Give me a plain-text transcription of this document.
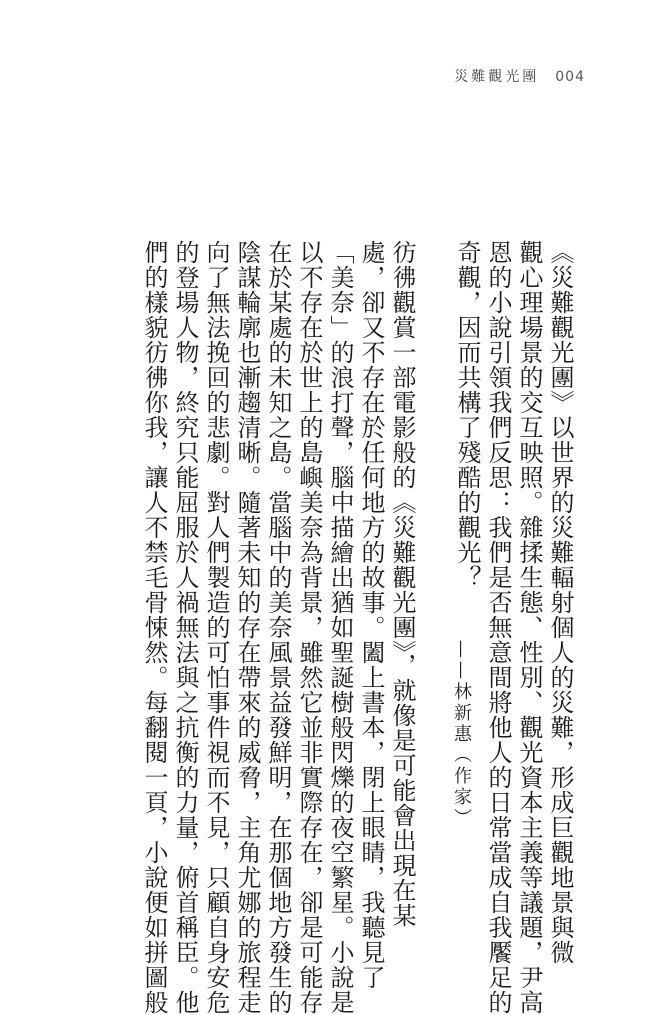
災難觀光團 004
《災難觀光團》以世界的災難輻射個人的災難，形成巨觀地景與微
觀心理場景的交互映照。雜揉生態、性別、觀光資本主義等議題，尹高
恩的小說引領我們反思：我們是否無意間將他人的日常當成自我饜足的
奇觀，因而共構了殘酷的觀光？
——林新惠（作家）
彷彿觀賞一部電影般的《災難觀光團》，就像是可能會出現在某
處，卻又不存在於任何地方的故事。闔上書本，閉上眼睛，我聽見了
「美奈」的浪打聲，腦中描繪出猶如聖誕樹般閃爍的夜空繁星。小說是
以不存在於世上的島嶼美奈為背景，雖然它並非實際存在，卻是可能存
在於某處的未知之島。當腦中的美奈風景益發鮮明，在那個地方發生的
陰謀輪廓也漸趨清晰。隨著未知的存在帶來的威脅，主角尤娜的旅程走
向了無法挽回的悲劇。對人們製造的可怕事件視而不見，只顧自身安危
的登場人物，終究只能屈服於人禍無法與之抗衡的力量，俯首稱臣。他
們的樣貌彷彿你我，讓人不禁毛骨悚然。每翻閱一頁，小說便如拼圖般
